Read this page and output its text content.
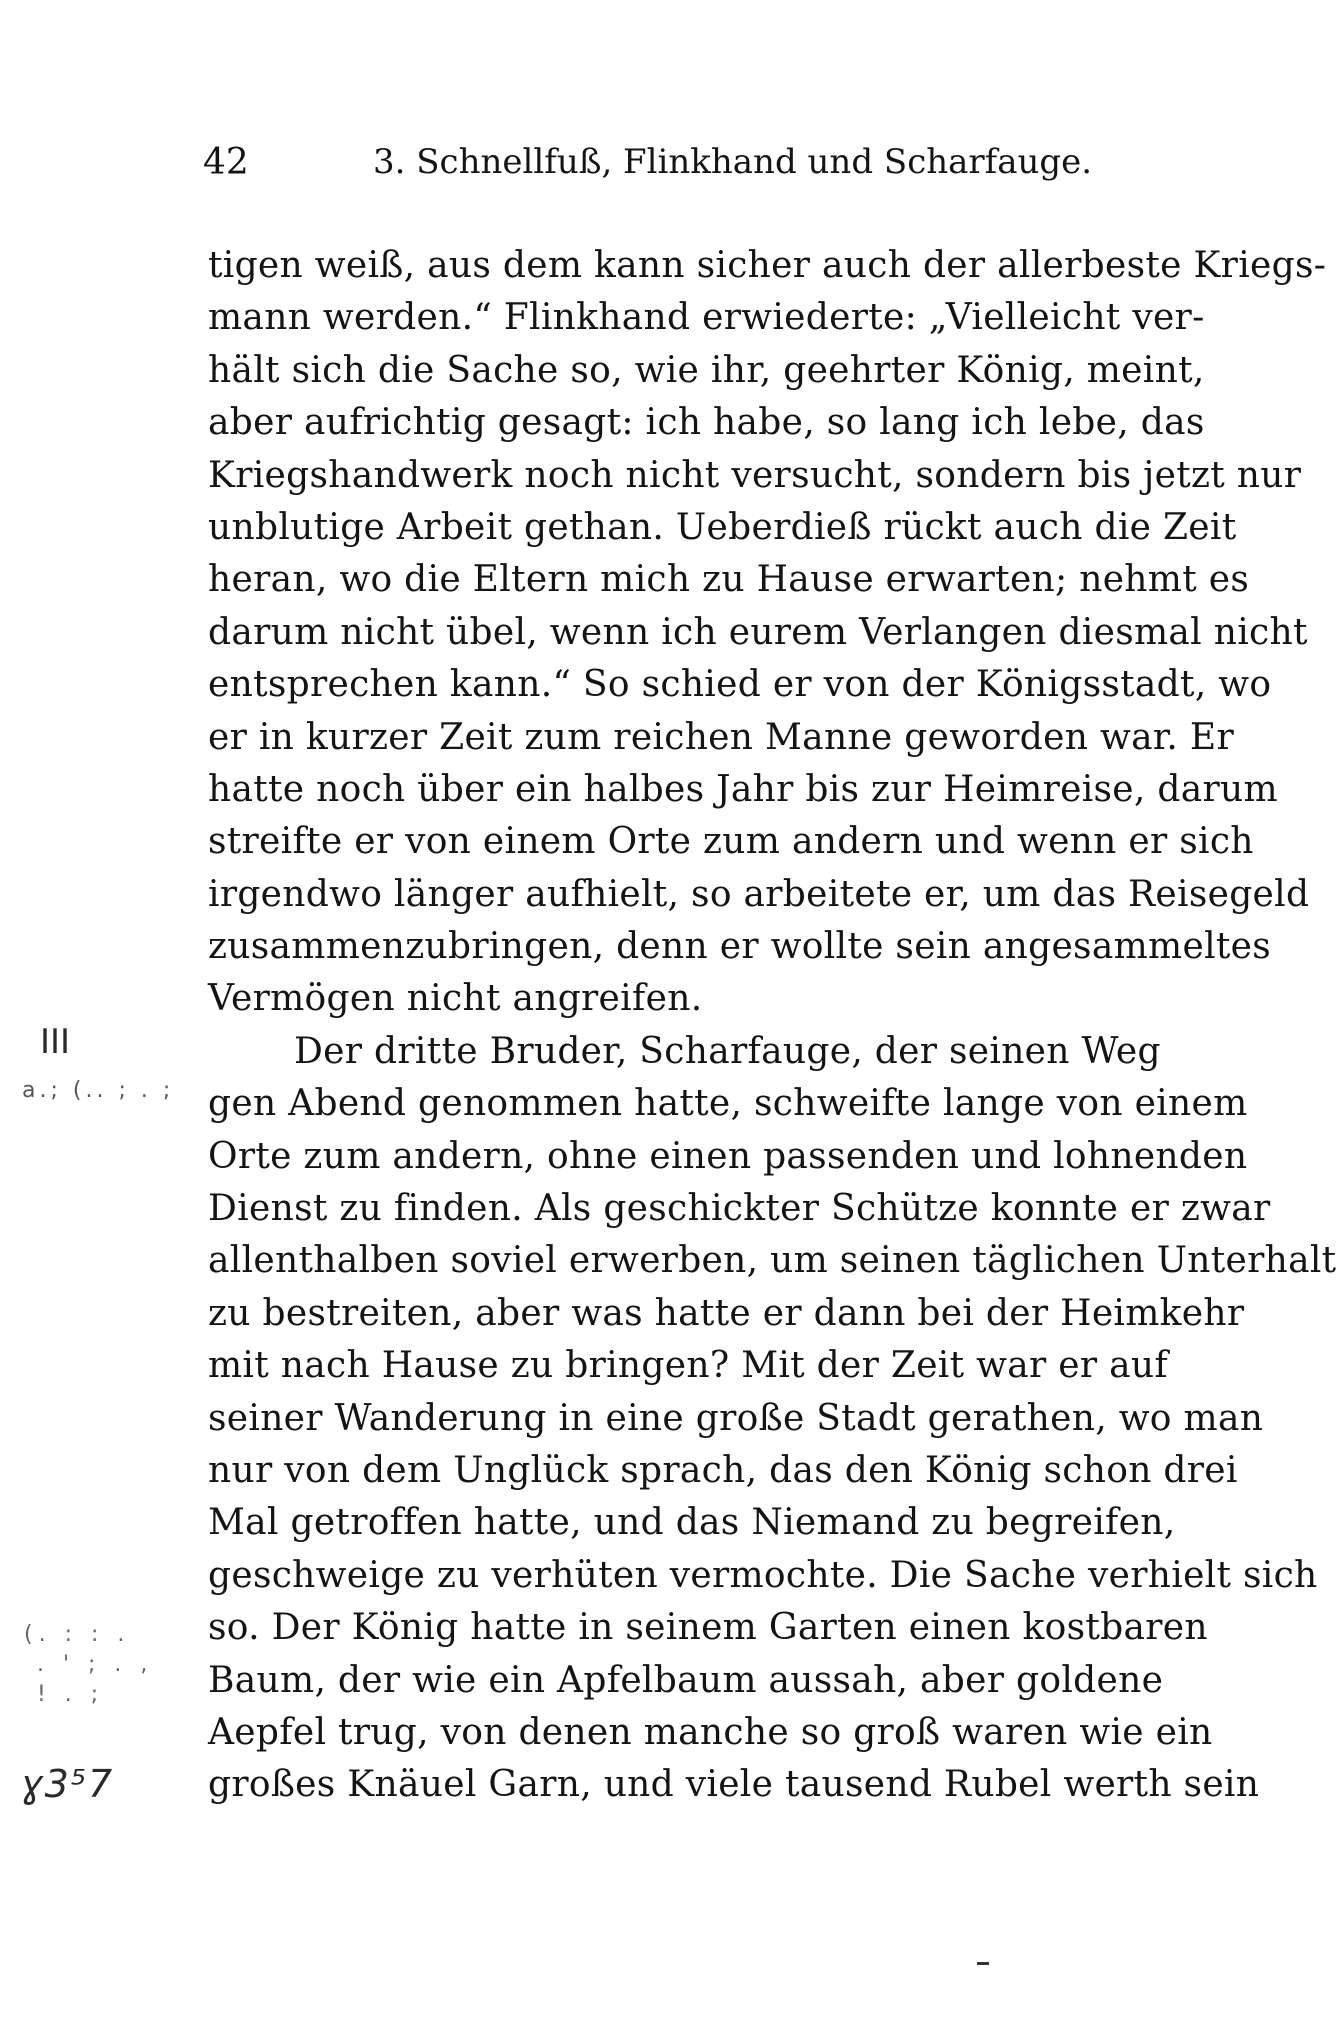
42	3. Schnellfuß, Flinkhand und Scharfauge.
tigen weiß, aus dem kann sicher auch der allerbeste Kriegs-
mann werden.“ Flinkhand erwiederte: „Vielleicht ver-
hält sich die Sache so, wie ihr, geehrter König, meint,
aber aufrichtig gesagt: ich habe, so lang ich lebe, das
Kriegshandwerk noch nicht versucht, sondern bis jetzt nur
unblutige Arbeit gethan. Ueberdieß rückt auch die Zeit
heran, wo die Eltern mich zu Hause erwarten; nehmt es
darum nicht übel, wenn ich eurem Verlangen diesmal nicht
entsprechen kann.“ So schied er von der Königsstadt, wo
er in kurzer Zeit zum reichen Manne geworden war. Er
hatte noch über ein halbes Jahr bis zur Heimreise, darum
streifte er von einem Orte zum andern und wenn er sich
irgendwo länger aufhielt, so arbeitete er, um das Reisegeld
zusammenzubringen, denn er wollte sein angesammeltes
Vermögen nicht angreifen.
Der dritte Bruder, Scharfauge, der seinen Weg
gen Abend genommen hatte, schweifte lange von einem
Orte zum andern, ohne einen passenden und lohnenden
Dienst zu finden. Als geschickter Schütze konnte er zwar
allenthalben soviel erwerben, um seinen täglichen Unterhalt
zu bestreiten, aber was hatte er dann bei der Heimkehr
mit nach Hause zu bringen? Mit der Zeit war er auf
seiner Wanderung in eine große Stadt gerathen, wo man
nur von dem Unglück sprach, das den König schon drei
Mal getroffen hatte, und das Niemand zu begreifen,
geschweige zu verhüten vermochte. Die Sache verhielt sich
so. Der König hatte in seinem Garten einen kostbaren
Baum, der wie ein Apfelbaum aussah, aber goldene
Aepfel trug, von denen manche so groß waren wie ein
großes Knäuel Garn, und viele tausend Rubel werth sein
III
a.; (.. ; . ;
(. : : .
. ' ; . ,
! . ;
ɣ3⁵7
